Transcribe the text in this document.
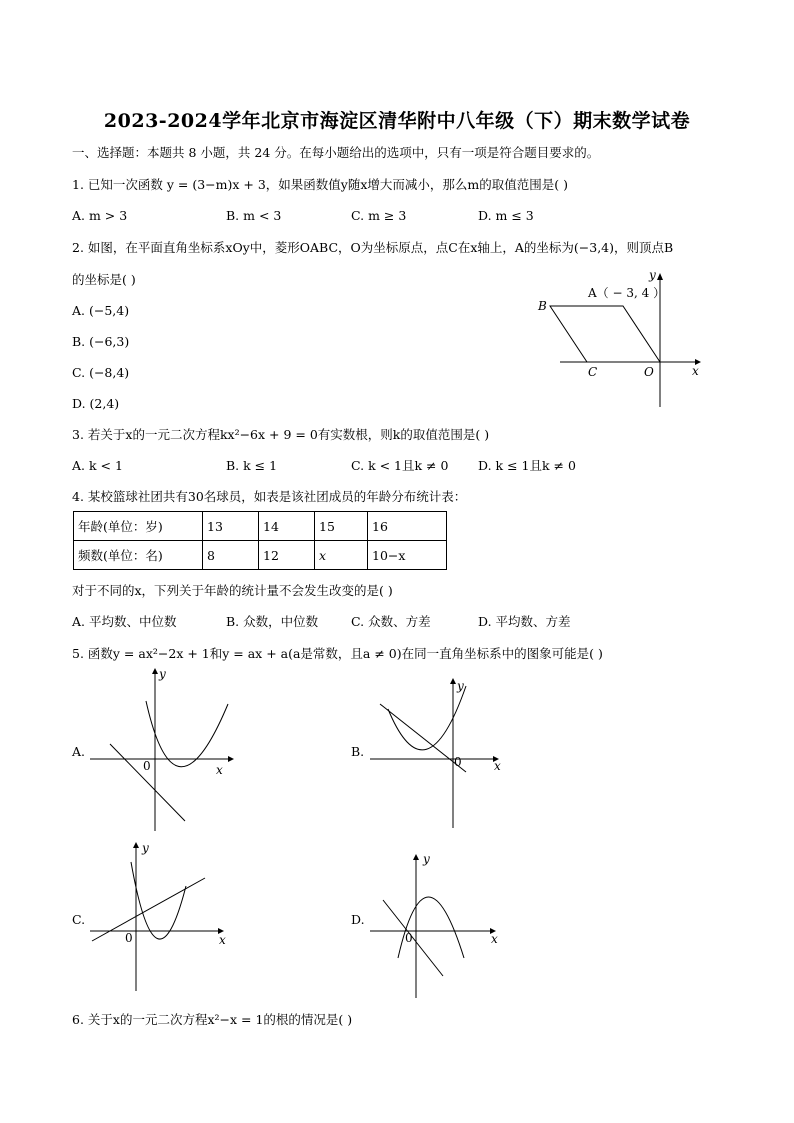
2023-2024学年北京市海淀区清华附中八年级（下）期末数学试卷
一、选择题：本题共 8 小题，共 24 分。在每小题给出的选项中，只有一项是符合题目要求的。
1. 已知一次函数 y = (3−m)x + 3，如果函数值y随x增大而减小，那么m的取值范围是( )
A. m > 3	B. m < 3	C. m ≥ 3	D. m ≤ 3
2. 如图，在平面直角坐标系xOy中，菱形OABC，O为坐标原点，点C在x轴上，A的坐标为(−3,4)，则顶点B
的坐标是( )
A. (−5,4)
B. (−6,3)
C. (−8,4)
D. (2,4)
y
x
A（ − 3, 4 ）
B
C	O
3. 若关于x的一元二次方程kx²−6x + 9 = 0有实数根，则k的取值范围是( )
A. k < 1	B. k ≤ 1	C. k < 1且k ≠ 0 D. k ≤ 1且k ≠ 0
4. 某校篮球社团共有30名球员，如表是该社团成员的年龄分布统计表：
年龄(单位：岁)	13	14	15	16
频数(单位：名)	8	12	x	10−x
对于不同的x，下列关于年龄的统计量不会发生改变的是( )
A. 平均数、中位数	B. 众数，中位数	C. 众数、方差	D. 平均数、方差
5. 函数y = ax²−2x + 1和y = ax + a(a是常数，且a ≠ 0)在同一直角坐标系中的图象可能是( )
A.
y
x
0
B.
y
x
0
C.
y
x
0
D.
y
x
0
6. 关于x的一元二次方程x²−x = 1的根的情况是( )
